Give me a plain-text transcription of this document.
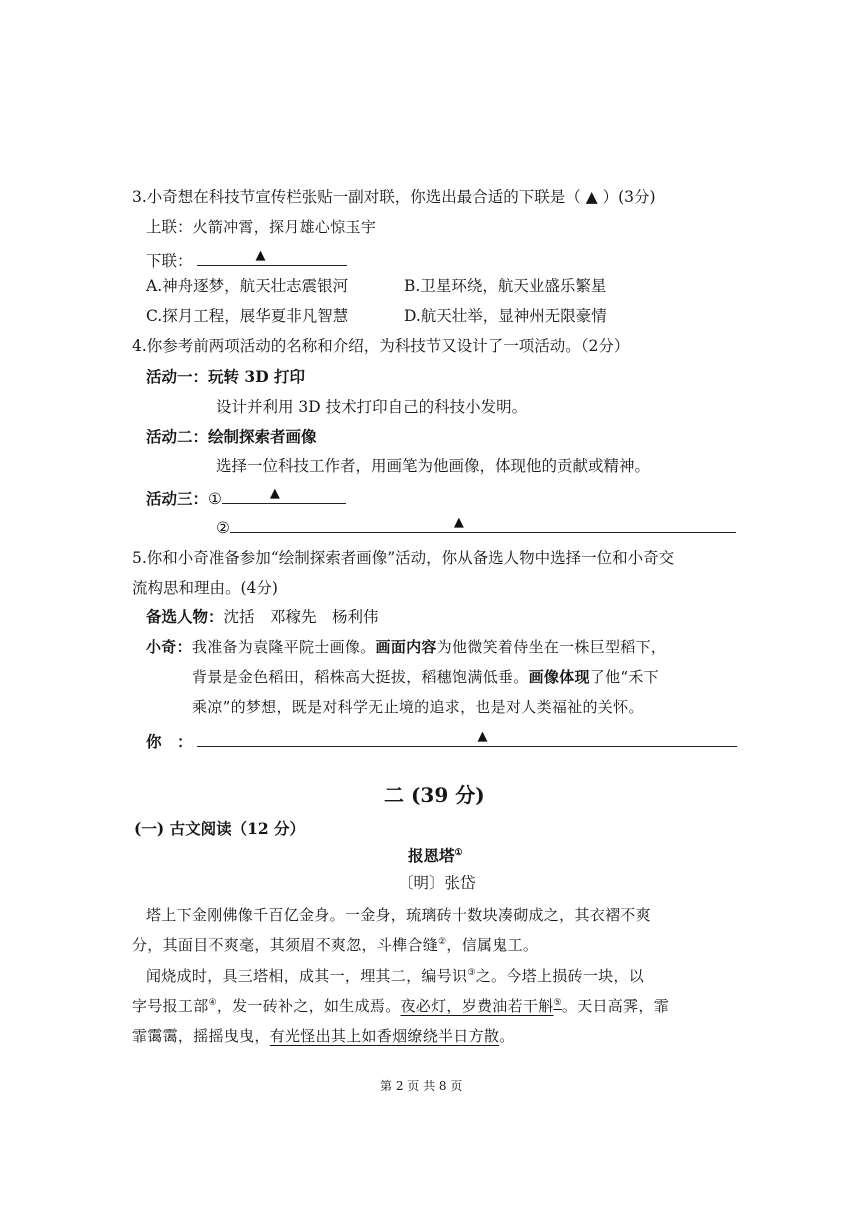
3.小奇想在科技节宣传栏张贴一副对联，你选出最合适的下联是（ ▲ ）(3分)
上联：火箭冲霄，探月雄心惊玉宇
下联：	▲
A.神舟逐梦，航天壮志震银河	B.卫星环绕，航天业盛乐繁星
C.探月工程，展华夏非凡智慧	D.航天壮举，显神州无限豪情
4.你参考前两项活动的名称和介绍，为科技节又设计了一项活动。（2分）
活动一：玩转 3D 打印
设计并利用 3D 技术打印自己的科技小发明。
活动二：绘制探索者画像
选择一位科技工作者，用画笔为他画像，体现他的贡献或精神。
活动三：①	▲
②	▲
5.你和小奇准备参加“绘制探索者画像”活动，你从备选人物中选择一位和小奇交
流构思和理由。(4分)
备选人物：沈括　邓稼先　杨利伟
小奇：我准备为袁隆平院士画像。画面内容为他微笑着侍坐在一株巨型稻下，
背景是金色稻田，稻株高大挺拔，稻穗饱满低垂。画像体现了他“禾下
乘凉”的梦想，既是对科学无止境的追求，也是对人类福祉的关怀。
你　：	▲
二 (39 分)
(一) 古文阅读（12 分）
报恩塔①
〔明〕张岱
塔上下金刚佛像千百亿金身。一金身，琉璃砖十数块凑砌成之，其衣褶不爽
分，其面目不爽毫，其须眉不爽忽，斗榫合缝②，信属鬼工。
闻烧成时，具三塔相，成其一，埋其二，编号识③之。今塔上损砖一块，以
字号报工部④，发一砖补之，如生成焉。夜必灯，岁费油若干斛⑤。天日高霁，霏
霏霭霭，摇摇曳曳，有光怪出其上如香烟缭绕半日方散。
第 2 页 共 8 页
